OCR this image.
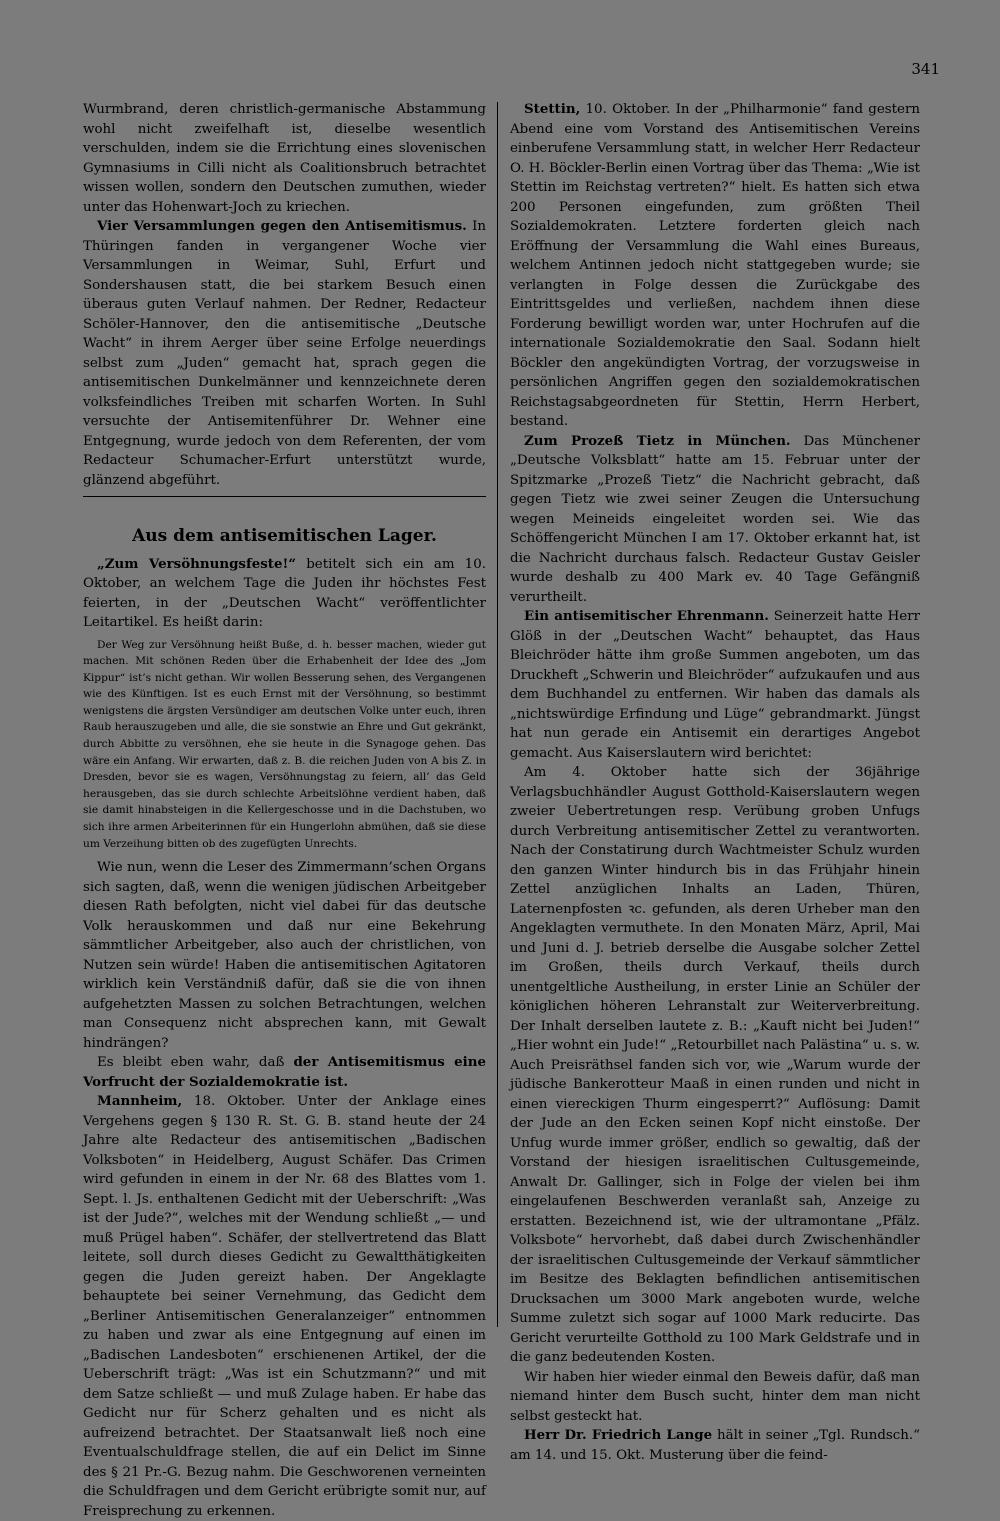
341

Wurmbrand, deren christlich-germanische Abstammung wohl nicht zweifelhaft ist, dieselbe wesentlich verschulden, indem sie die Errichtung eines slovenischen Gymnasiums in Cilli nicht als Coalitionsbruch betrachtet wissen wollen, sondern den Deutschen zumuthen, wieder unter das Hohenwart-Joch zu kriechen.

Vier Versammlungen gegen den Antisemitismus. In Thüringen fanden in vergangener Woche vier Versammlungen in Weimar, Suhl, Erfurt und Sondershausen statt, die bei starkem Besuch einen überaus guten Verlauf nahmen. Der Redner, Redacteur Schöler-Hannover, den die antisemitische „Deutsche Wacht“ in ihrem Aerger über seine Erfolge neuerdings selbst zum „Juden“ gemacht hat, sprach gegen die antisemitischen Dunkelmänner und kennzeichnete deren volksfeindliches Treiben mit scharfen Worten. In Suhl versuchte der Antisemitenführer Dr. Wehner eine Entgegnung, wurde jedoch von dem Referenten, der vom Redacteur Schumacher-Erfurt unterstützt wurde, glänzend abgeführt.

Aus dem antisemitischen Lager.

„Zum Versöhnungsfeste!“ betitelt sich ein am 10. Oktober, an welchem Tage die Juden ihr höchstes Fest feierten, in der „Deutschen Wacht“ veröffentlichter Leitartikel. Es heißt darin:

Der Weg zur Versöhnung heißt Buße, d. h. besser machen, wieder gut machen. Mit schönen Reden über die Erhabenheit der Idee des „Jom Kippur“ ist’s nicht gethan. Wir wollen Besserung sehen, des Vergangenen wie des Künftigen. Ist es euch Ernst mit der Versöhnung, so bestimmt wenigstens die ärgsten Versündiger am deutschen Volke unter euch, ihren Raub herauszugeben und alle, die sie sonstwie an Ehre und Gut gekränkt, durch Abbitte zu versöhnen, ehe sie heute in die Synagoge gehen. Das wäre ein Anfang. Wir erwarten, daß z. B. die reichen Juden von A bis Z. in Dresden, bevor sie es wagen, Versöhnungstag zu feiern, all’ das Geld herausgeben, das sie durch schlechte Arbeitslöhne verdient haben, daß sie damit hinabsteigen in die Kellergeschosse und in die Dachstuben, wo sich ihre armen Arbeiterinnen für ein Hungerlohn abmühen, daß sie diese um Verzeihung bitten ob des zugefügten Unrechts.

Wie nun, wenn die Leser des Zimmermann’schen Organs sich sagten, daß, wenn die wenigen jüdischen Arbeitgeber diesen Rath befolgten, nicht viel dabei für das deutsche Volk herauskommen und daß nur eine Bekehrung sämmtlicher Arbeitgeber, also auch der christlichen, von Nutzen sein würde! Haben die antisemitischen Agitatoren wirklich kein Verständniß dafür, daß sie die von ihnen aufgehetzten Massen zu solchen Betrachtungen, welchen man Consequenz nicht absprechen kann, mit Gewalt hindrängen?

Es bleibt eben wahr, daß der Antisemitismus eine Vorfrucht der Sozialdemokratie ist.

Mannheim, 18. Oktober. Unter der Anklage eines Vergehens gegen § 130 R. St. G. B. stand heute der 24 Jahre alte Redacteur des antisemitischen „Badischen Volksboten“ in Heidelberg, August Schäfer. Das Crimen wird gefunden in einem in der Nr. 68 des Blattes vom 1. Sept. l. Js. enthaltenen Gedicht mit der Ueberschrift: „Was ist der Jude?“, welches mit der Wendung schließt „— und muß Prügel haben“. Schäfer, der stellvertretend das Blatt leitete, soll durch dieses Gedicht zu Gewaltthätigkeiten gegen die Juden gereizt haben. Der Angeklagte behauptete bei seiner Vernehmung, das Gedicht dem „Berliner Antisemitischen Generalanzeiger“ entnommen zu haben und zwar als eine Entgegnung auf einen im „Badischen Landesboten“ erschienenen Artikel, der die Ueberschrift trägt: „Was ist ein Schutzmann?“ und mit dem Satze schließt — und muß Zulage haben. Er habe das Gedicht nur für Scherz gehalten und es nicht als aufreizend betrachtet. Der Staatsanwalt ließ noch eine Eventualschuldfrage stellen, die auf ein Delict im Sinne des § 21 Pr.-G. Bezug nahm. Die Geschworenen verneinten die Schuldfragen und dem Gericht erübrigte somit nur, auf Freisprechung zu erkennen.

Stettin, 10. Oktober. In der „Philharmonie“ fand gestern Abend eine vom Vorstand des Antisemitischen Vereins einberufene Versammlung statt, in welcher Herr Redacteur O. H. Böckler-Berlin einen Vortrag über das Thema: „Wie ist Stettin im Reichstag vertreten?“ hielt. Es hatten sich etwa 200 Personen eingefunden, zum größten Theil Sozialdemokraten. Letztere forderten gleich nach Eröffnung der Versammlung die Wahl eines Bureaus, welchem Antinnen jedoch nicht stattgegeben wurde; sie verlangten in Folge dessen die Zurückgabe des Eintrittsgeldes und verließen, nachdem ihnen diese Forderung bewilligt worden war, unter Hochrufen auf die internationale Sozialdemokratie den Saal. Sodann hielt Böckler den angekündigten Vortrag, der vorzugsweise in persönlichen Angriffen gegen den sozialdemokratischen Reichstagsabgeordneten für Stettin, Herrn Herbert, bestand.

Zum Prozeß Tietz in München. Das Münchener „Deutsche Volksblatt“ hatte am 15. Februar unter der Spitzmarke „Prozeß Tietz“ die Nachricht gebracht, daß gegen Tietz wie zwei seiner Zeugen die Untersuchung wegen Meineids eingeleitet worden sei. Wie das Schöffengericht München I am 17. Oktober erkannt hat, ist die Nachricht durchaus falsch. Redacteur Gustav Geisler wurde deshalb zu 400 Mark ev. 40 Tage Gefängniß verurtheilt.

Ein antisemitischer Ehrenmann. Seinerzeit hatte Herr Glöß in der „Deutschen Wacht“ behauptet, das Haus Bleichröder hätte ihm große Summen angeboten, um das Druckheft „Schwerin und Bleichröder“ aufzukaufen und aus dem Buchhandel zu entfernen. Wir haben das damals als „nichtswürdige Erfindung und Lüge“ gebrandmarkt. Jüngst hat nun gerade ein Antisemit ein derartiges Angebot gemacht. Aus Kaiserslautern wird berichtet:

Am 4. Oktober hatte sich der 36jährige Verlagsbuchhändler August Gotthold-Kaiserslautern wegen zweier Uebertretungen resp. Verübung groben Unfugs durch Verbreitung antisemitischer Zettel zu verantworten. Nach der Constatirung durch Wachtmeister Schulz wurden den ganzen Winter hindurch bis in das Frühjahr hinein Zettel anzüglichen Inhalts an Laden, Thüren, Laternenpfosten ꝛc. gefunden, als deren Urheber man den Angeklagten vermuthete. In den Monaten März, April, Mai und Juni d. J. betrieb derselbe die Ausgabe solcher Zettel im Großen, theils durch Verkauf, theils durch unentgeltliche Austheilung, in erster Linie an Schüler der königlichen höheren Lehranstalt zur Weiterverbreitung. Der Inhalt derselben lautete z. B.: „Kauft nicht bei Juden!“ „Hier wohnt ein Jude!“ „Retourbillet nach Palästina“ u. s. w. Auch Preisräthsel fanden sich vor, wie „Warum wurde der jüdische Bankerotteur Maaß in einen runden und nicht in einen viereckigen Thurm eingesperrt?“ Auflösung: Damit der Jude an den Ecken seinen Kopf nicht einstoße. Der Unfug wurde immer größer, endlich so gewaltig, daß der Vorstand der hiesigen israelitischen Cultusgemeinde, Anwalt Dr. Gallinger, sich in Folge der vielen bei ihm eingelaufenen Beschwerden veranlaßt sah, Anzeige zu erstatten. Bezeichnend ist, wie der ultramontane „Pfälz. Volksbote“ hervorhebt, daß dabei durch Zwischenhändler der israelitischen Cultusgemeinde der Verkauf sämmtlicher im Besitze des Beklagten befindlichen antisemitischen Drucksachen um 3000 Mark angeboten wurde, welche Summe zuletzt sich sogar auf 1000 Mark reducirte. Das Gericht verurteilte Gotthold zu 100 Mark Geldstrafe und in die ganz bedeutenden Kosten.

Wir haben hier wieder einmal den Beweis dafür, daß man niemand hinter dem Busch sucht, hinter dem man nicht selbst gesteckt hat.

Herr Dr. Friedrich Lange hält in seiner „Tgl. Rundsch.“ am 14. und 15. Okt. Musterung über die feind-
